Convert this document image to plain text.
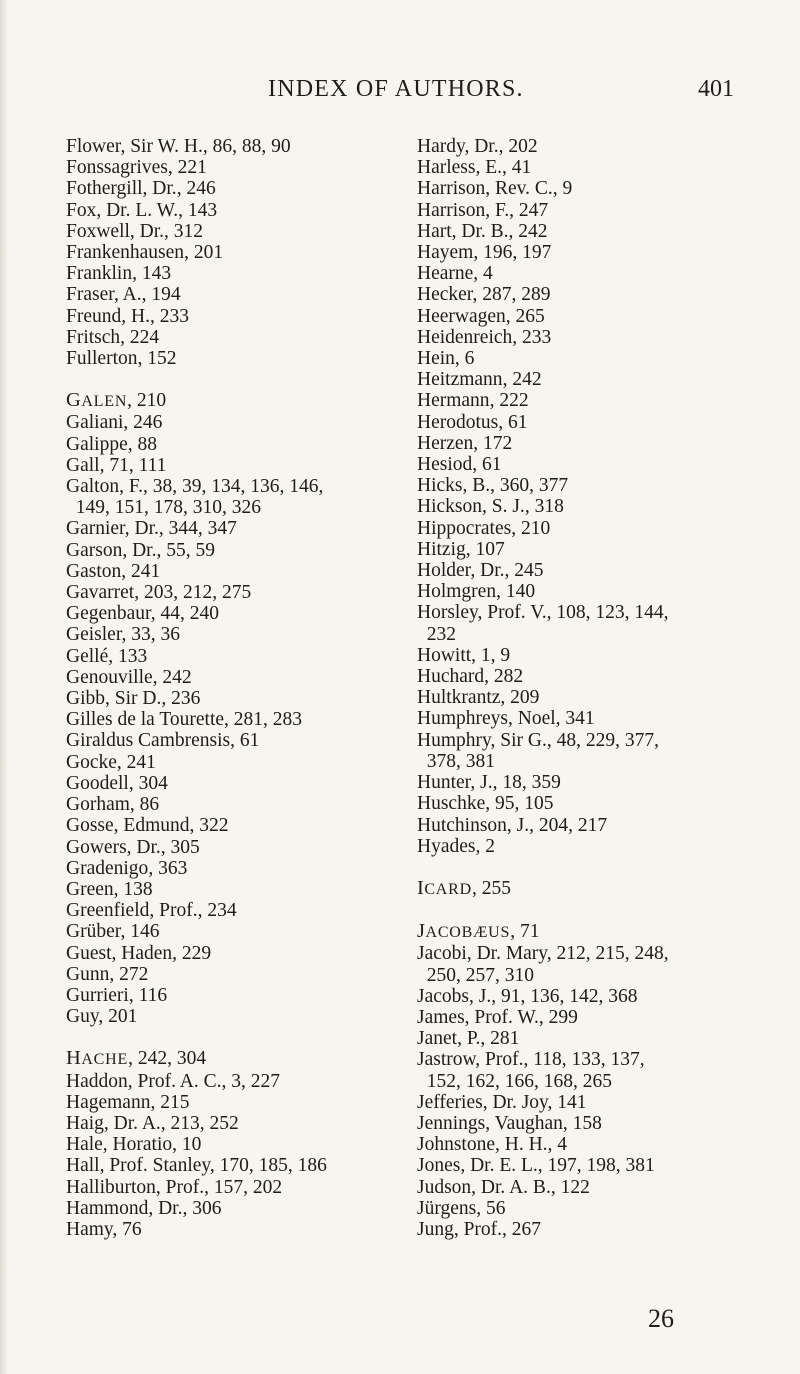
INDEX OF AUTHORS.	401
Flower, Sir W. H., 86, 88, 90
Fonssagrives, 221
Fothergill, Dr., 246
Fox, Dr. L. W., 143
Foxwell, Dr., 312
Frankenhausen, 201
Franklin, 143
Fraser, A., 194
Freund, H., 233
Fritsch, 224
Fullerton, 152
GALEN, 210
Galiani, 246
Galippe, 88
Gall, 71, 111
Galton, F., 38, 39, 134, 136, 146,
149, 151, 178, 310, 326
Garnier, Dr., 344, 347
Garson, Dr., 55, 59
Gaston, 241
Gavarret, 203, 212, 275
Gegenbaur, 44, 240
Geisler, 33, 36
Gellé, 133
Genouville, 242
Gibb, Sir D., 236
Gilles de la Tourette, 281, 283
Giraldus Cambrensis, 61
Gocke, 241
Goodell, 304
Gorham, 86
Gosse, Edmund, 322
Gowers, Dr., 305
Gradenigo, 363
Green, 138
Greenfield, Prof., 234
Grüber, 146
Guest, Haden, 229
Gunn, 272
Gurrieri, 116
Guy, 201
HACHE, 242, 304
Haddon, Prof. A. C., 3, 227
Hagemann, 215
Haig, Dr. A., 213, 252
Hale, Horatio, 10
Hall, Prof. Stanley, 170, 185, 186
Halliburton, Prof., 157, 202
Hammond, Dr., 306
Hamy, 76
Hardy, Dr., 202
Harless, E., 41
Harrison, Rev. C., 9
Harrison, F., 247
Hart, Dr. B., 242
Hayem, 196, 197
Hearne, 4
Hecker, 287, 289
Heerwagen, 265
Heidenreich, 233
Hein, 6
Heitzmann, 242
Hermann, 222
Herodotus, 61
Herzen, 172
Hesiod, 61
Hicks, B., 360, 377
Hickson, S. J., 318
Hippocrates, 210
Hitzig, 107
Holder, Dr., 245
Holmgren, 140
Horsley, Prof. V., 108, 123, 144,
232
Howitt, 1, 9
Huchard, 282
Hultkrantz, 209
Humphreys, Noel, 341
Humphry, Sir G., 48, 229, 377,
378, 381
Hunter, J., 18, 359
Huschke, 95, 105
Hutchinson, J., 204, 217
Hyades, 2
ICARD, 255
JACOBÆUS, 71
Jacobi, Dr. Mary, 212, 215, 248,
250, 257, 310
Jacobs, J., 91, 136, 142, 368
James, Prof. W., 299
Janet, P., 281
Jastrow, Prof., 118, 133, 137,
152, 162, 166, 168, 265
Jefferies, Dr. Joy, 141
Jennings, Vaughan, 158
Johnstone, H. H., 4
Jones, Dr. E. L., 197, 198, 381
Judson, Dr. A. B., 122
Jürgens, 56
Jung, Prof., 267
26
